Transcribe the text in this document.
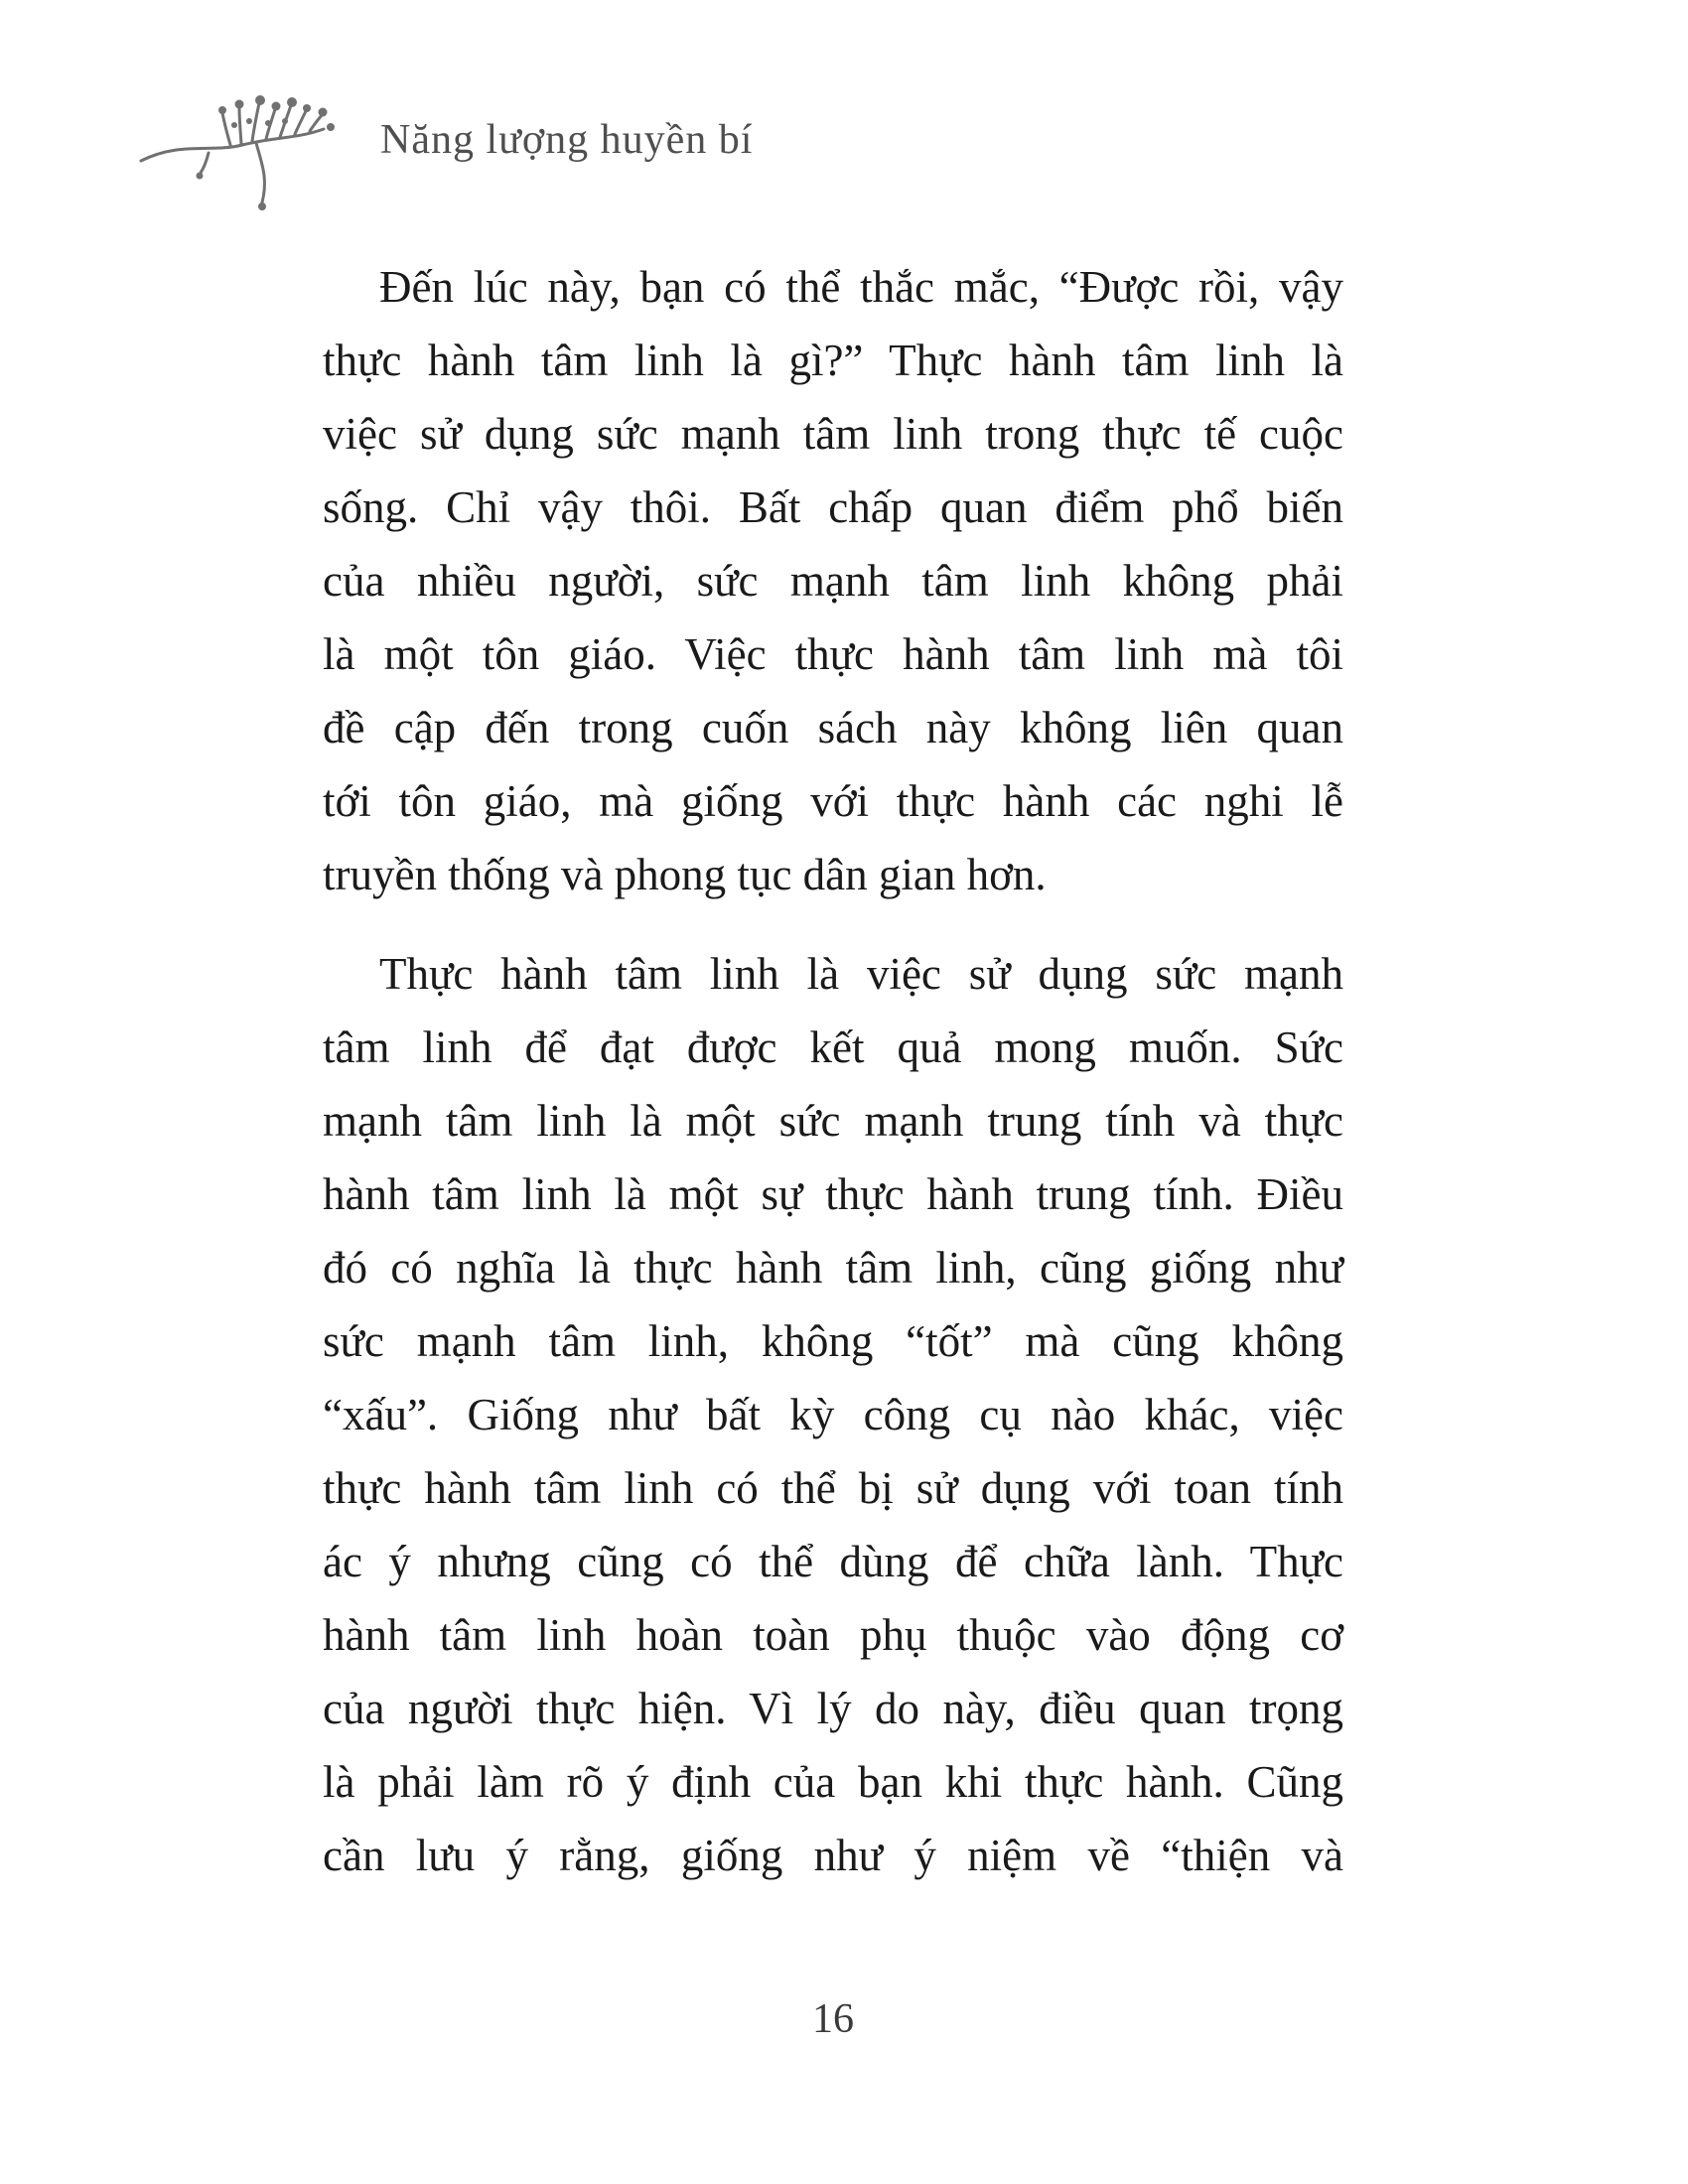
Năng lượng huyền bí
Đến lúc này, bạn có thể thắc mắc, “Được rồi, vậy
thực hành tâm linh là gì?” Thực hành tâm linh là
việc sử dụng sức mạnh tâm linh trong thực tế cuộc
sống. Chỉ vậy thôi. Bất chấp quan điểm phổ biến
của nhiều người, sức mạnh tâm linh không phải
là một tôn giáo. Việc thực hành tâm linh mà tôi
đề cập đến trong cuốn sách này không liên quan
tới tôn giáo, mà giống với thực hành các nghi lễ
truyền thống và phong tục dân gian hơn.
Thực hành tâm linh là việc sử dụng sức mạnh
tâm linh để đạt được kết quả mong muốn. Sức
mạnh tâm linh là một sức mạnh trung tính và thực
hành tâm linh là một sự thực hành trung tính. Điều
đó có nghĩa là thực hành tâm linh, cũng giống như
sức mạnh tâm linh, không “tốt” mà cũng không
“xấu”. Giống như bất kỳ công cụ nào khác, việc
thực hành tâm linh có thể bị sử dụng với toan tính
ác ý nhưng cũng có thể dùng để chữa lành. Thực
hành tâm linh hoàn toàn phụ thuộc vào động cơ
của người thực hiện. Vì lý do này, điều quan trọng
là phải làm rõ ý định của bạn khi thực hành. Cũng
cần lưu ý rằng, giống như ý niệm về “thiện và
16
